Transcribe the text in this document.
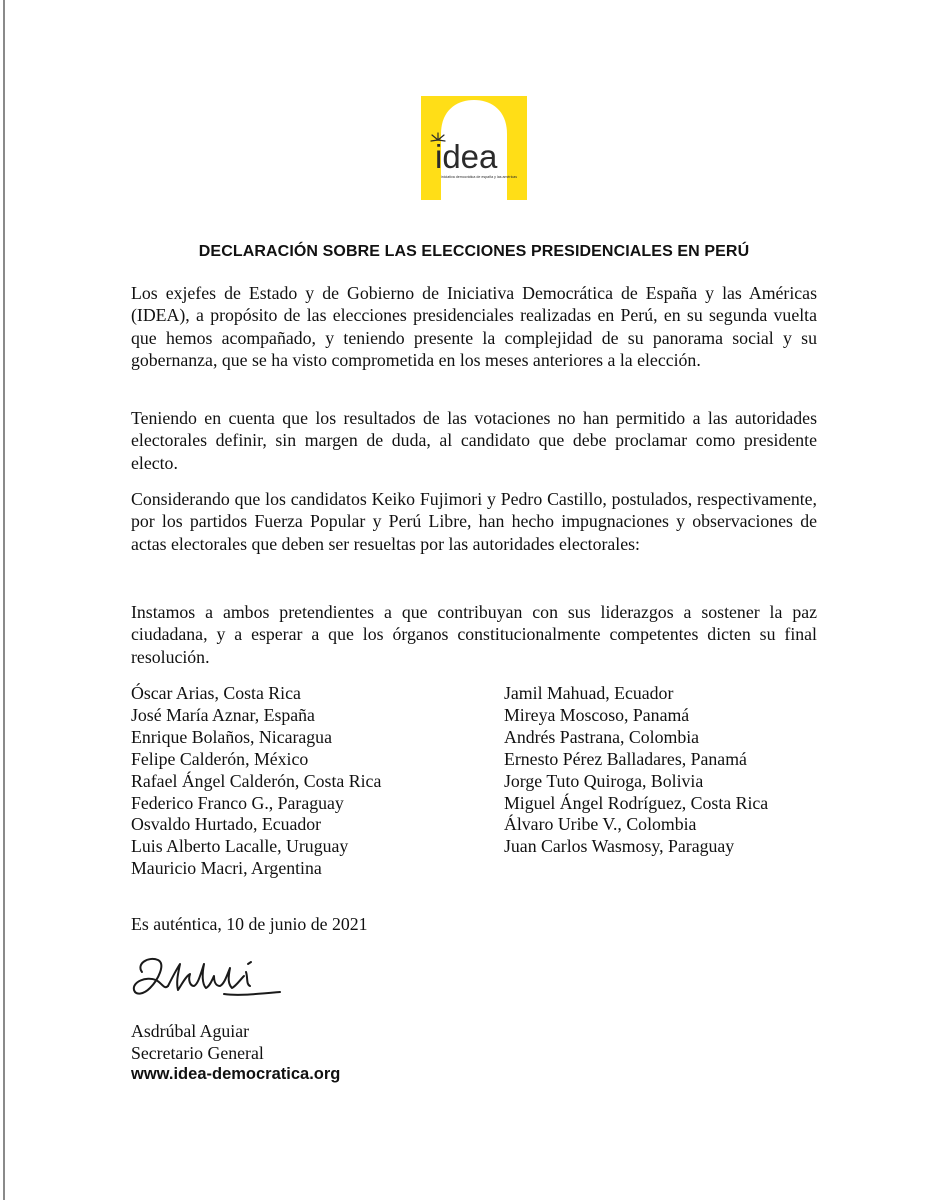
idea
iniciativa democrática de españa y las américas
DECLARACIÓN SOBRE LAS ELECCIONES PRESIDENCIALES EN PERÚ

Los exjefes de Estado y de Gobierno de Iniciativa Democrática de España y las Américas (IDEA), a propósito de las elecciones presidenciales realizadas en Perú, en su segunda vuelta que hemos acompañado, y teniendo presente la complejidad de su panorama social y su gobernanza, que se ha visto comprometida en los meses anteriores a la elección.

Teniendo en cuenta que los resultados de las votaciones no han permitido a las autoridades electorales definir, sin margen de duda, al candidato que debe proclamar como presidente electo.

Considerando que los candidatos Keiko Fujimori y Pedro Castillo, postulados, respectivamente, por los partidos Fuerza Popular y Perú Libre, han hecho impugnaciones y observaciones de actas electorales que deben ser resueltas por las autoridades electorales:

Instamos a ambos pretendientes a que contribuyan con sus liderazgos a sostener la paz ciudadana, y a esperar a que los órganos constitucionalmente competentes dicten su final resolución.

Óscar Arias, Costa Rica
José María Aznar, España
Enrique Bolaños, Nicaragua
Felipe Calderón, México
Rafael Ángel Calderón, Costa Rica
Federico Franco G., Paraguay
Osvaldo Hurtado, Ecuador
Luis Alberto Lacalle, Uruguay
Mauricio Macri, Argentina
Jamil Mahuad, Ecuador
Mireya Moscoso, Panamá
Andrés Pastrana, Colombia
Ernesto Pérez Balladares, Panamá
Jorge Tuto Quiroga, Bolivia
Miguel Ángel Rodríguez, Costa Rica
Álvaro Uribe V., Colombia
Juan Carlos Wasmosy, Paraguay
Es auténtica, 10 de junio de 2021
Asdrúbal Aguiar
Secretario General
www.idea-democratica.org
